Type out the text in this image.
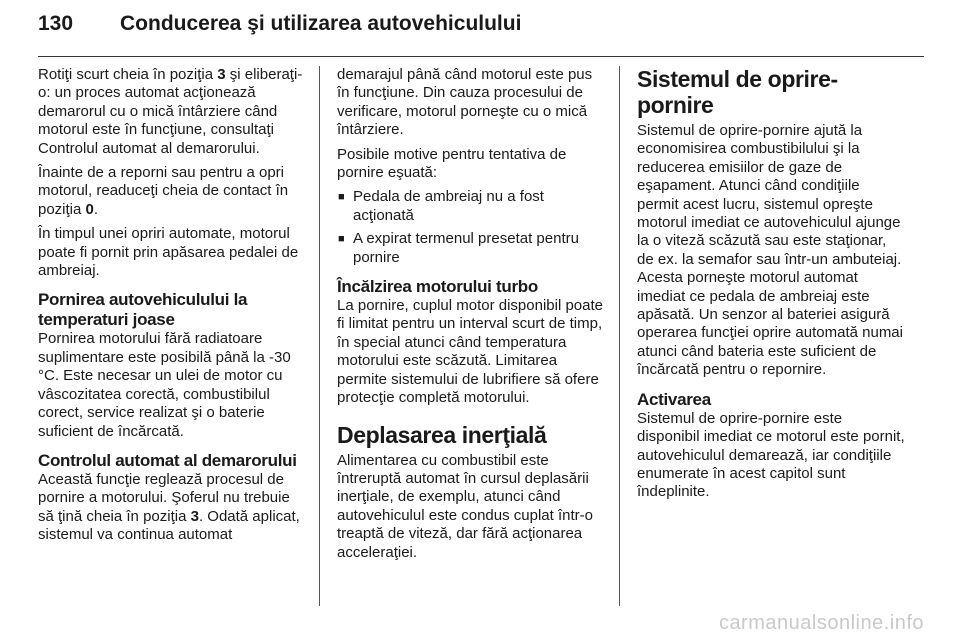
130	Conducerea şi utilizarea autovehiculului

Rotiţi scurt cheia în poziţia 3 şi eliberaţi-o: un proces automat acţionează demarorul cu o mică întârziere când motorul este în funcţiune, consultaţi Controlul automat al demarorului.

Înainte de a reporni sau pentru a opri motorul, readuceţi cheia de contact în poziţia 0.

În timpul unei opriri automate, motorul poate fi pornit prin apăsarea pedalei de ambreiaj.

Pornirea autovehiculului la temperaturi joase

Pornirea motorului fără radiatoare suplimentare este posibilă până la -30 °C. Este necesar un ulei de motor cu vâscozitatea corectă, combustibilul corect, service realizat şi o baterie suficient de încărcată.

Controlul automat al demarorului

Această funcţie reglează procesul de pornire a motorului. Şoferul nu trebuie să ţină cheia în poziţia 3. Odată aplicat, sistemul va continua automat

demarajul până când motorul este pus în funcţiune. Din cauza procesului de verificare, motorul porneşte cu o mică întârziere.

Posibile motive pentru tentativa de pornire eşuată:

■ Pedala de ambreiaj nu a fost acţionată
■ A expirat termenul presetat pentru pornire
Încălzirea motorului turbo

La pornire, cuplul motor disponibil poate fi limitat pentru un interval scurt de timp, în special atunci când temperatura motorului este scăzută. Limitarea permite sistemului de lubrifiere să ofere protecţie completă motorului.

Deplasarea inerţială

Alimentarea cu combustibil este întreruptă automat în cursul deplasării inerţiale, de exemplu, atunci când autovehiculul este condus cuplat într-o treaptă de viteză, dar fără acţionarea acceleraţiei.

Sistemul de oprire-pornire

Sistemul de oprire-pornire ajută la economisirea combustibilului şi la reducerea emisiilor de gaze de eşapament. Atunci când condiţiile permit acest lucru, sistemul opreşte motorul imediat ce autovehiculul ajunge la o viteză scăzută sau este staţionar, de ex. la semafor sau într-un ambuteiaj. Acesta porneşte motorul automat imediat ce pedala de ambreiaj este apăsată. Un senzor al bateriei asigură operarea funcţiei oprire automată numai atunci când bateria este suficient de încărcată pentru o repornire.

Activarea

Sistemul de oprire-pornire este disponibil imediat ce motorul este pornit, autovehiculul demarează, iar condiţiile enumerate în acest capitol sunt îndeplinite.

carmanualsonline.info
